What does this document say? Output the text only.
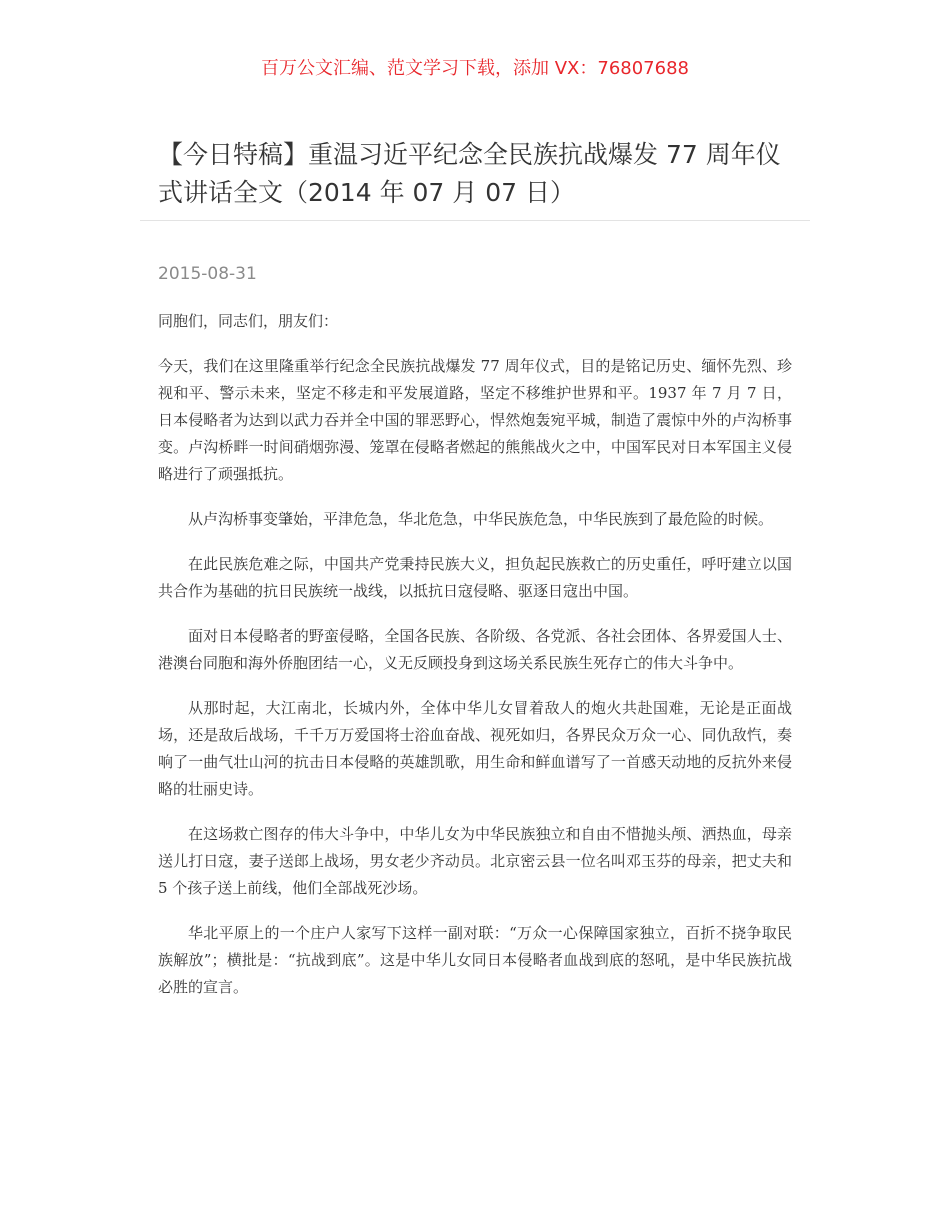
百万公文汇编、范文学习下载，添加 VX：76807688
【今日特稿】重温习近平纪念全民族抗战爆发 77 周年仪式讲话全文（2014 年 07 月 07 日）
2015-08-31

同胞们，同志们，朋友们：

今天，我们在这里隆重举行纪念全民族抗战爆发 77 周年仪式，目的是铭记历史、缅怀先烈、珍视和平、警示未来，坚定不移走和平发展道路，坚定不移维护世界和平。1937 年 7 月 7 日，日本侵略者为达到以武力吞并全中国的罪恶野心，悍然炮轰宛平城，制造了震惊中外的卢沟桥事变。卢沟桥畔一时间硝烟弥漫、笼罩在侵略者燃起的熊熊战火之中，中国军民对日本军国主义侵略进行了顽强抵抗。

从卢沟桥事变肇始，平津危急，华北危急，中华民族危急，中华民族到了最危险的时候。

在此民族危难之际，中国共产党秉持民族大义，担负起民族救亡的历史重任，呼吁建立以国共合作为基础的抗日民族统一战线，以抵抗日寇侵略、驱逐日寇出中国。

面对日本侵略者的野蛮侵略，全国各民族、各阶级、各党派、各社会团体、各界爱国人士、港澳台同胞和海外侨胞团结一心，义无反顾投身到这场关系民族生死存亡的伟大斗争中。

从那时起，大江南北，长城内外，全体中华儿女冒着敌人的炮火共赴国难，无论是正面战场，还是敌后战场，千千万万爱国将士浴血奋战、视死如归，各界民众万众一心、同仇敌忾，奏响了一曲气壮山河的抗击日本侵略的英雄凯歌，用生命和鲜血谱写了一首感天动地的反抗外来侵略的壮丽史诗。

在这场救亡图存的伟大斗争中，中华儿女为中华民族独立和自由不惜抛头颅、洒热血，母亲送儿打日寇，妻子送郎上战场，男女老少齐动员。北京密云县一位名叫邓玉芬的母亲，把丈夫和 5 个孩子送上前线，他们全部战死沙场。

华北平原上的一个庄户人家写下这样一副对联：“万众一心保障国家独立，百折不挠争取民族解放”；横批是：“抗战到底”。这是中华儿女同日本侵略者血战到底的怒吼，是中华民族抗战必胜的宣言。
